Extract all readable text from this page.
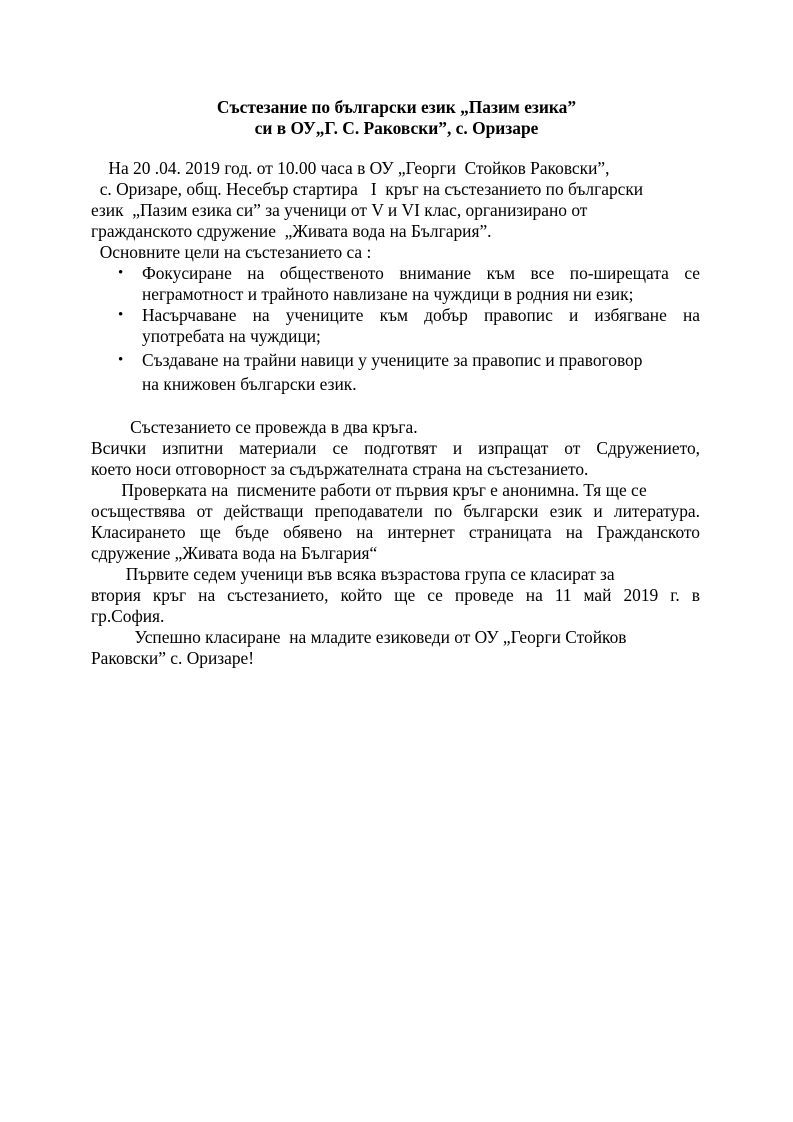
Състезание по български език „Пазим езика”
си в ОУ„Г. С. Раковски”, с. Оризаре
На 20 .04. 2019 год. от 10.00 часа в ОУ „Георги  Стойков Раковски”,
с. Оризаре, общ. Несебър стартира   I  кръг на състезанието по български
език  „Пазим езика си” за ученици от V и VI клас, организирано от
гражданското сдружение  „Живата вода на България”.
Основните цели на състезанието са :
• Фокусиране на общественото внимание към все по-ширещата се
неграмотност и трайното навлизане на чуждици в родния ни език;
• Насърчаване на учениците към добър правопис и избягване на
употребата на чуждици;
• Създаване на трайни навици у учениците за правопис и правоговор
на книжовен български език.
Състезанието се провежда в два кръга.
Всички изпитни материали се подготвят и изпращат от Сдружението,
което носи отговорност за съдържателната страна на състезанието.
Проверката на  писмените работи от първия кръг е анонимна. Тя ще се
осъществява от действащи преподаватели по български език и литература.
Класирането ще бъде обявено на интернет страницата на Гражданското
сдружение „Живата вода на България“
Първите седем ученици във всяка възрастова група се класират за
втория кръг на състезанието, който ще се проведе на 11 май 2019 г. в
гр.София.
Успешно класиране  на младите езиковеди от ОУ „Георги Стойков
Раковски” с. Оризаре!
